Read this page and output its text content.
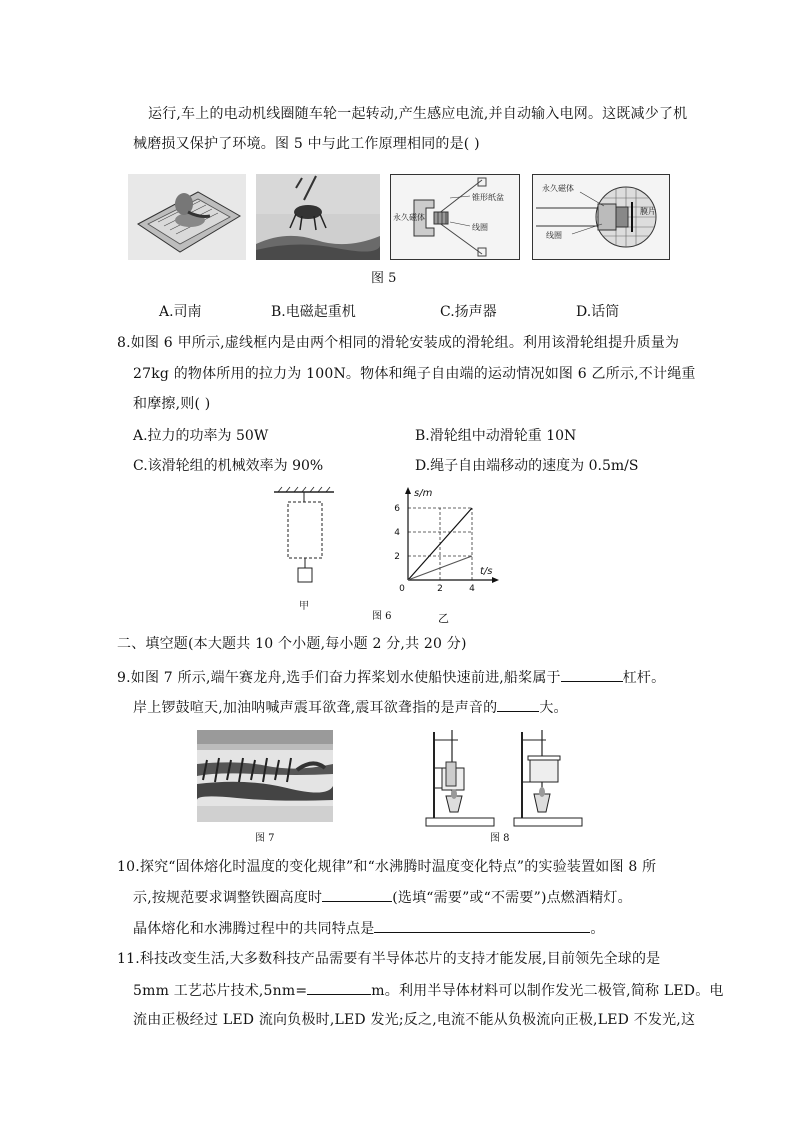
运行,车上的电动机线圈随车轮一起转动,产生感应电流,并自动输入电网。这既减少了机
械磨损又保护了环境。图 5 中与此工作原理相同的是( )
锥形纸盆
线圈
永久磁体
永久磁体
膜片
线圈
图 5
A.司南	B.电磁起重机	C.扬声器	D.话筒
8.如图 6 甲所示,虚线框内是由两个相同的滑轮安装成的滑轮组。利用该滑轮组提升质量为
27kg 的物体所用的拉力为 100N。物体和绳子自由端的运动情况如图 6 乙所示,不计绳重
和摩擦,则( )
A.拉力的功率为 50W	B.滑轮组中动滑轮重 10N
C.该滑轮组的机械效率为 90%	D.绳子自由端移动的速度为 0.5m/S
甲
图 6
2
4
6
0	2	4
s/m
t/s
乙
二、填空题(本大题共 10 个小题,每小题 2 分,共 20 分)
9.如图 7 所示,端午赛龙舟,选手们奋力挥桨划水使船快速前进,船桨属于	杠杆。
岸上锣鼓喧天,加油呐喊声震耳欲聋,震耳欲聋指的是声音的	大。
图 7	图 8
10.探究“固体熔化时温度的变化规律”和“水沸腾时温度变化特点”的实验装置如图 8 所
示,按规范要求调整铁圈高度时	(选填“需要”或“不需要”)点燃酒精灯。
晶体熔化和水沸腾过程中的共同特点是	。
11.科技改变生活,大多数科技产品需要有半导体芯片的支持才能发展,目前领先全球的是
5mm 工艺芯片技术,5nm=	m。利用半导体材料可以制作发光二极管,简称 LED。电
流由正极经过 LED 流向负极时,LED 发光;反之,电流不能从负极流向正极,LED 不发光,这
